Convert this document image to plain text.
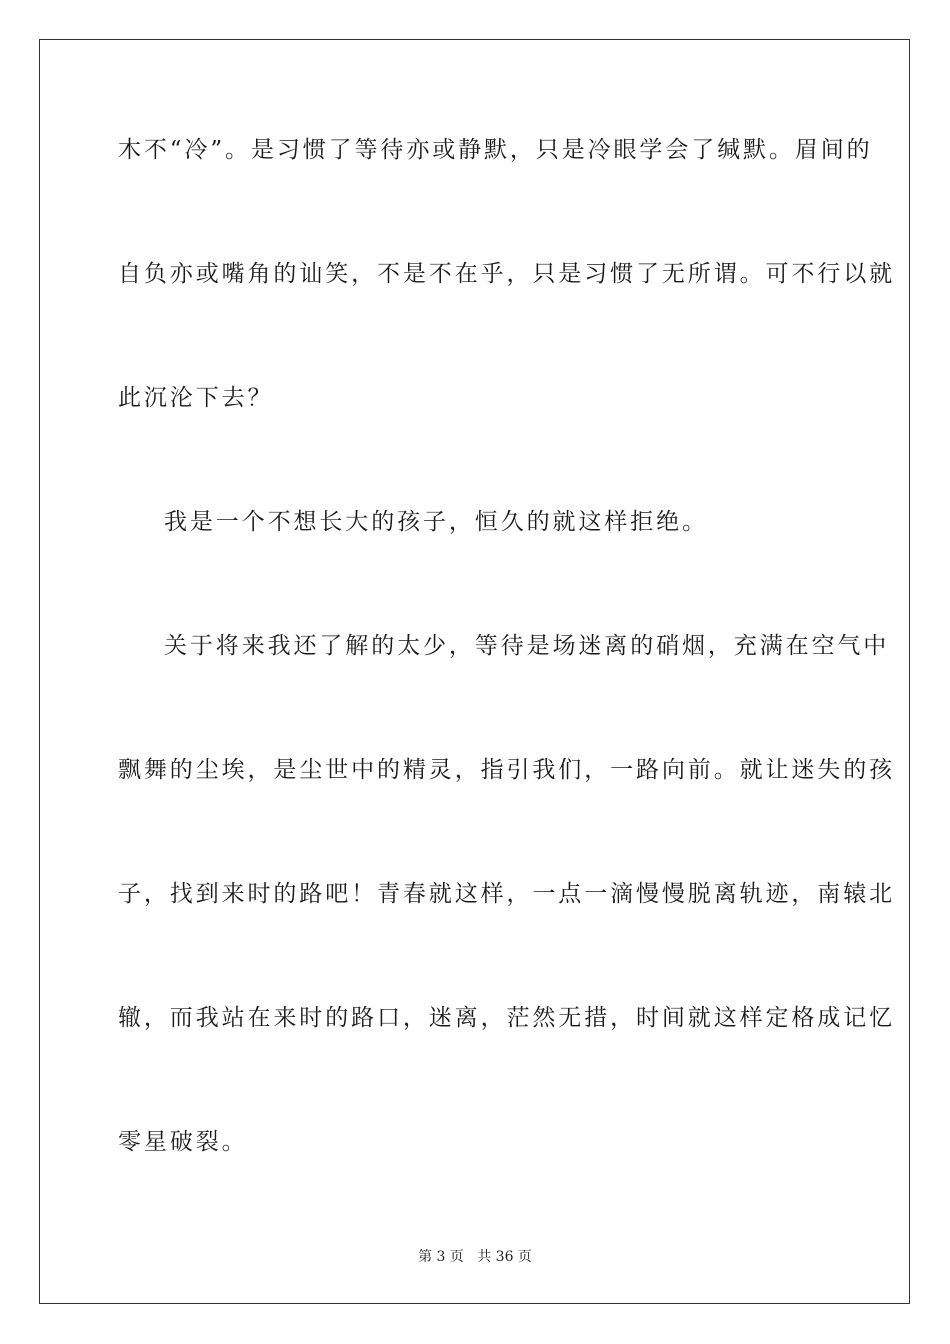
木不“冷”。是习惯了等待亦或静默，只是冷眼学会了缄默。眉间的
自负亦或嘴角的讪笑，不是不在乎，只是习惯了无所谓。可不行以就
此沉沦下去？
我是一个不想长大的孩子，恒久的就这样拒绝。
关于将来我还了解的太少，等待是场迷离的硝烟，充满在空气中
飘舞的尘埃，是尘世中的精灵，指引我们，一路向前。就让迷失的孩
子，找到来时的路吧！青春就这样，一点一滴慢慢脱离轨迹，南辕北
辙，而我站在来时的路口，迷离，茫然无措，时间就这样定格成记忆
零星破裂。
第 3 页   共 36 页
